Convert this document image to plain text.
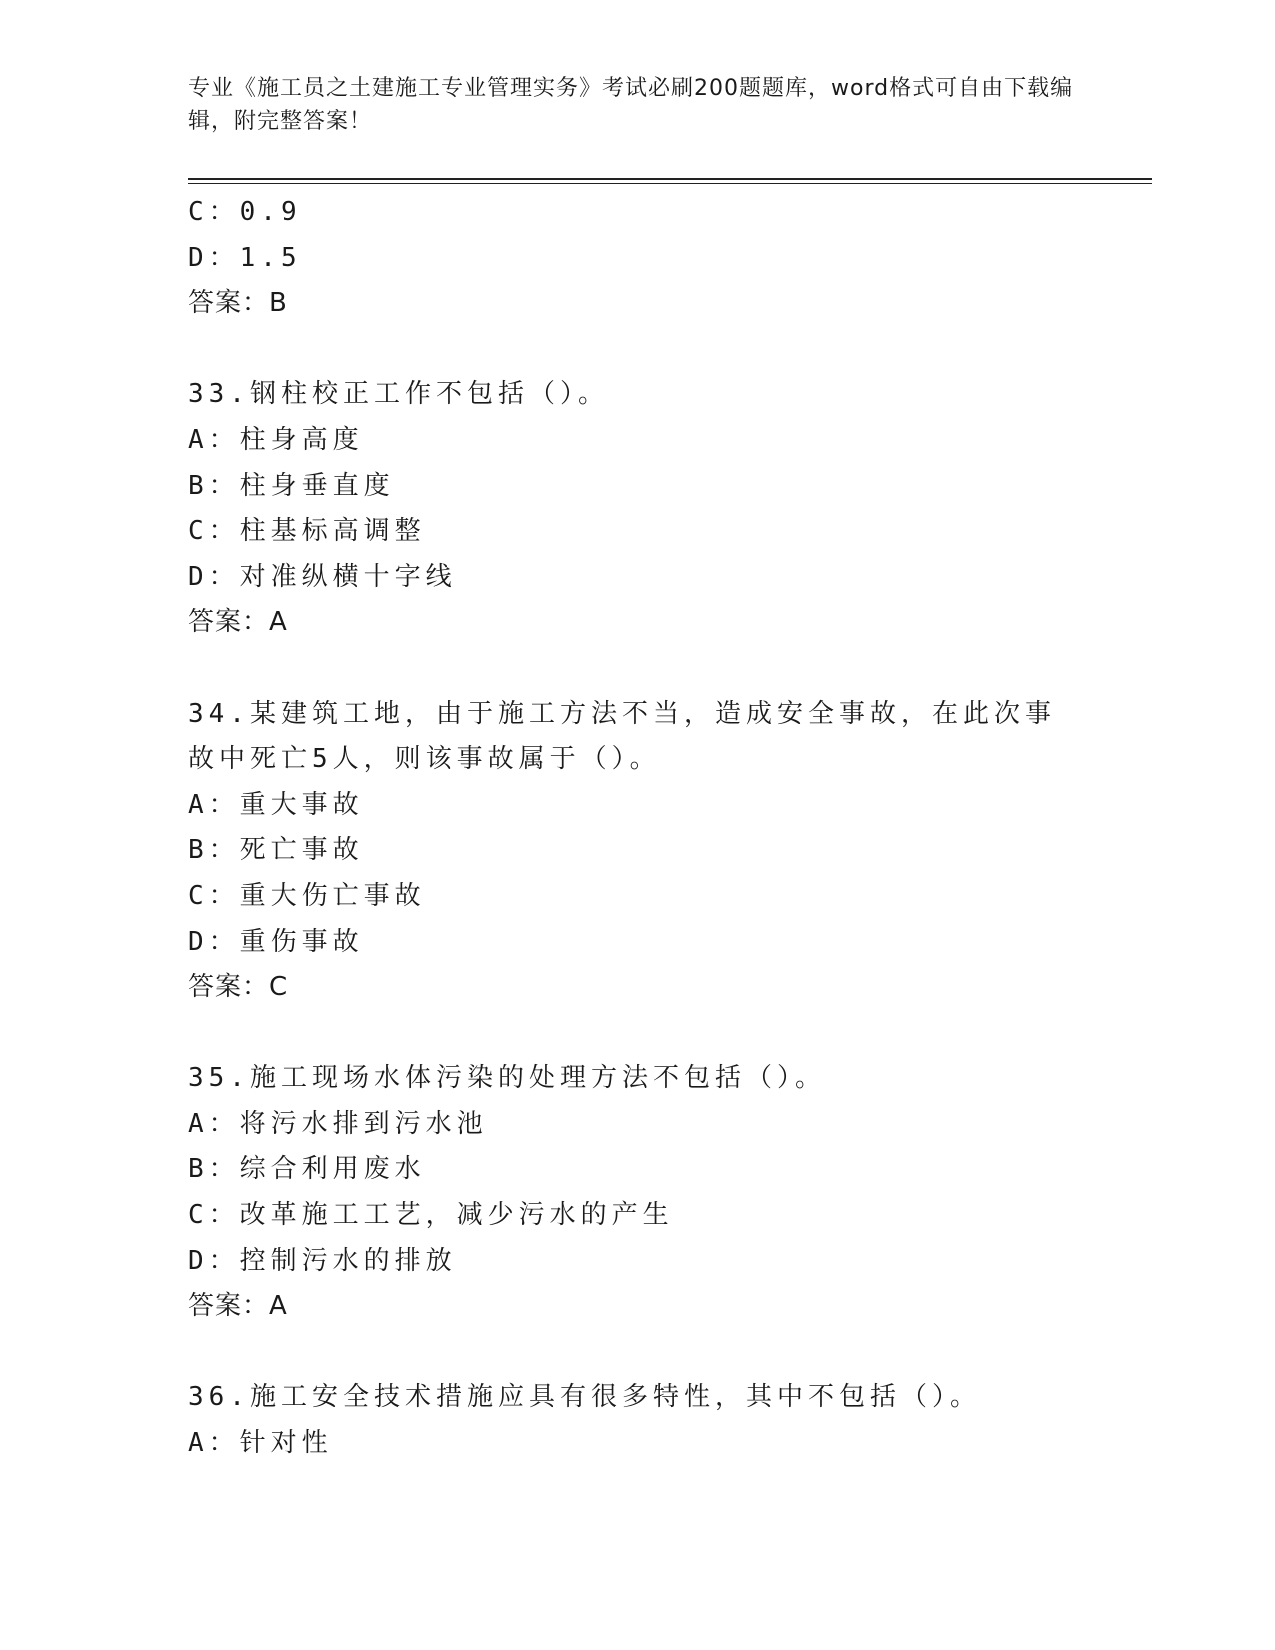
专业《施工员之土建施工专业管理实务》考试必刷200题题库，word格式可自由下载编辑，附完整答案！
C：0.9
D：1.5
答案：B
33.钢柱校正工作不包括（）。
A：柱身高度
B：柱身垂直度
C：柱基标高调整
D：对准纵横十字线
答案：A
34.某建筑工地，由于施工方法不当，造成安全事故，在此次事故中死亡5人，则该事故属于（）。
A：重大事故
B：死亡事故
C：重大伤亡事故
D：重伤事故
答案：C
35.施工现场水体污染的处理方法不包括（）。
A：将污水排到污水池
B：综合利用废水
C：改革施工工艺，减少污水的产生
D：控制污水的排放
答案：A
36.施工安全技术措施应具有很多特性，其中不包括（）。
A：针对性
